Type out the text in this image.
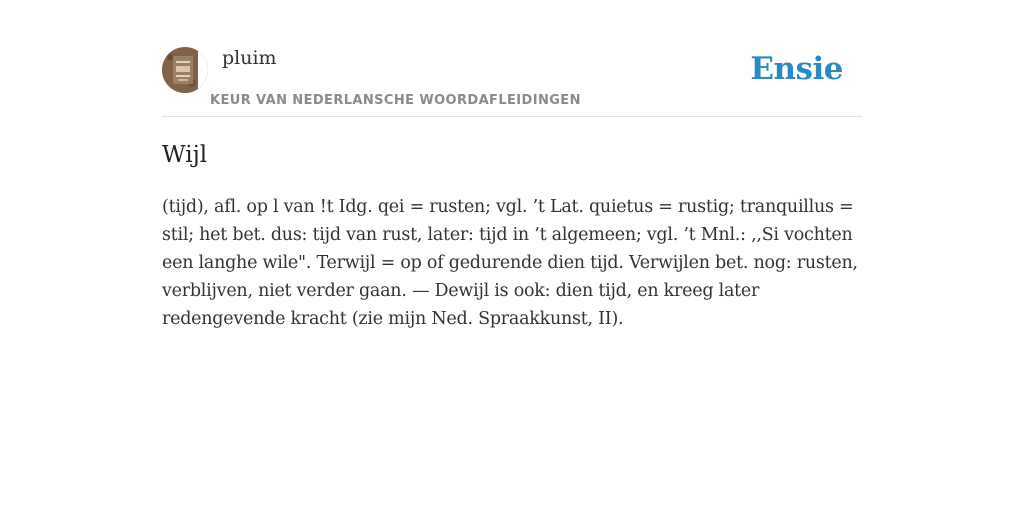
pluim
KEUR VAN NEDERLANSCHE WOORDAFLEIDINGEN
Ensie
Wijl

(tijd), afl. op l van !t Idg. qei = rusten; vgl. ’t Lat. quietus = rustig; tranquillus = stil; het bet. dus: tijd van rust, later: tijd in ’t algemeen; vgl. ’t Mnl.: ,,Si vochten een langhe wile". Terwijl = op of gedurende dien tijd. Verwijlen bet. nog: rusten, verblijven, niet verder gaan. — Dewijl is ook: dien tijd, en kreeg later redengevende kracht (zie mijn Ned. Spraakkunst, II).
